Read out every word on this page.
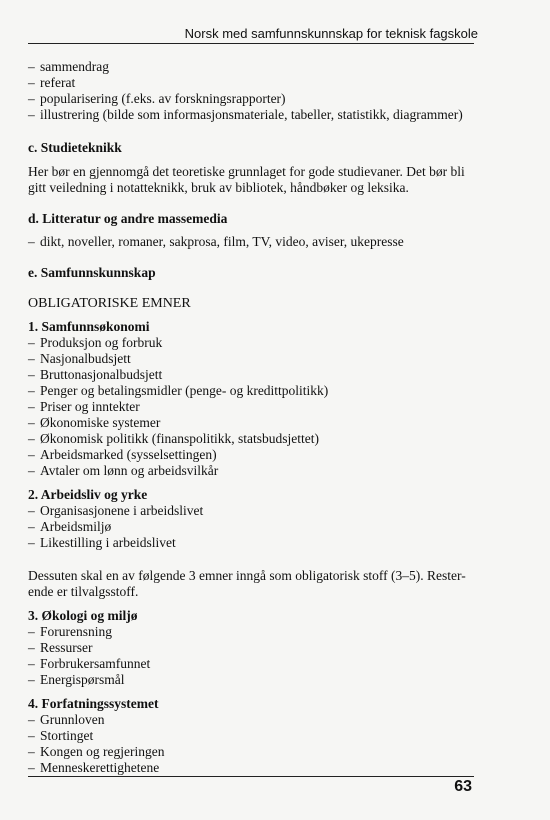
Norsk med samfunnskunnskap for teknisk fagskole

– sammendrag

– referat

– popularisering (f.eks. av forskningsrapporter)

– illustrering (bilde som informasjonsmateriale, tabeller, statistikk, diagrammer)

c. Studieteknikk

Her bør en gjennomgå det teoretiske grunnlaget for gode studievaner. Det bør bli

gitt veiledning i notatteknikk, bruk av bibliotek, håndbøker og leksika.

d. Litteratur og andre massemedia

– dikt, noveller, romaner, sakprosa, film, TV, video, aviser, ukepresse

e. Samfunnskunnskap

OBLIGATORISKE EMNER

1. Samfunnsøkonomi

– Produksjon og forbruk

– Nasjonalbudsjett

– Bruttonasjonalbudsjett

– Penger og betalingsmidler (penge- og kredittpolitikk)

– Priser og inntekter

– Økonomiske systemer

– Økonomisk politikk (finanspolitikk, statsbudsjettet)

– Arbeidsmarked (sysselsettingen)

– Avtaler om lønn og arbeidsvilkår

2. Arbeidsliv og yrke

– Organisasjonene i arbeidslivet

– Arbeidsmiljø

– Likestilling i arbeidslivet

Dessuten skal en av følgende 3 emner inngå som obligatorisk stoff (3–5). Rester-

ende er tilvalgsstoff.

3. Økologi og miljø

– Forurensning

– Ressurser

– Forbrukersamfunnet

– Energispørsmål

4. Forfatningssystemet

– Grunnloven

– Stortinget

– Kongen og regjeringen

– Menneskerettighetene

63
